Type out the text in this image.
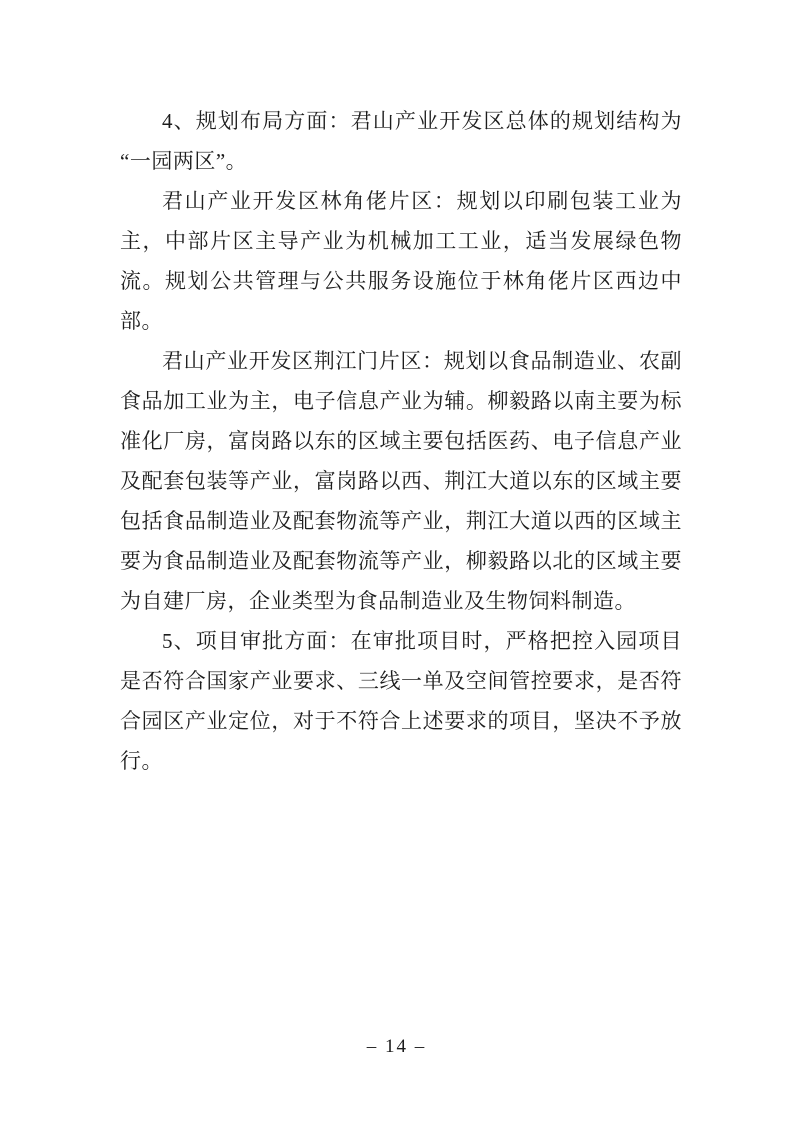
4、规划布局方面：君山产业开发区总体的规划结构为“一园两区”。

君山产业开发区林角佬片区：规划以印刷包装工业为主，中部片区主导产业为机械加工工业，适当发展绿色物流。规划公共管理与公共服务设施位于林角佬片区西边中部。

君山产业开发区荆江门片区：规划以食品制造业、农副食品加工业为主，电子信息产业为辅。柳毅路以南主要为标准化厂房，富岗路以东的区域主要包括医药、电子信息产业及配套包装等产业，富岗路以西、荆江大道以东的区域主要包括食品制造业及配套物流等产业，荆江大道以西的区域主要为食品制造业及配套物流等产业，柳毅路以北的区域主要为自建厂房，企业类型为食品制造业及生物饲料制造。

5、项目审批方面：在审批项目时，严格把控入园项目是否符合国家产业要求、三线一单及空间管控要求，是否符合园区产业定位，对于不符合上述要求的项目，坚决不予放行。

– 14 –
